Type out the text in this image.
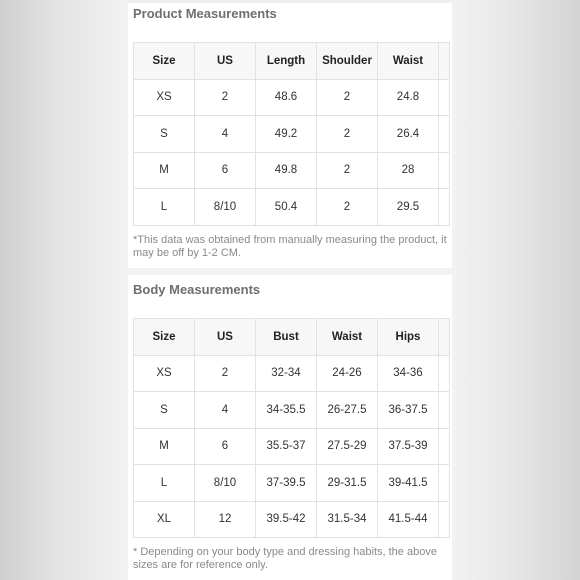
Product Measurements
Size	US	Length	Shoulder	Waist	
XS	2	48.6	2	24.8	
S	4	49.2	2	26.4	
M	6	49.8	2	28	
L	8/10	50.4	2	29.5	
*This data was obtained from manually measuring the product, it may be off by 1-2 CM.
Body Measurements
Size	US	Bust	Waist	Hips	
XS	2	32-34	24-26	34-36	
S	4	34-35.5	26-27.5	36-37.5	
M	6	35.5-37	27.5-29	37.5-39	
L	8/10	37-39.5	29-31.5	39-41.5	
XL	12	39.5-42	31.5-34	41.5-44	
* Depending on your body type and dressing habits, the above sizes are for reference only.
